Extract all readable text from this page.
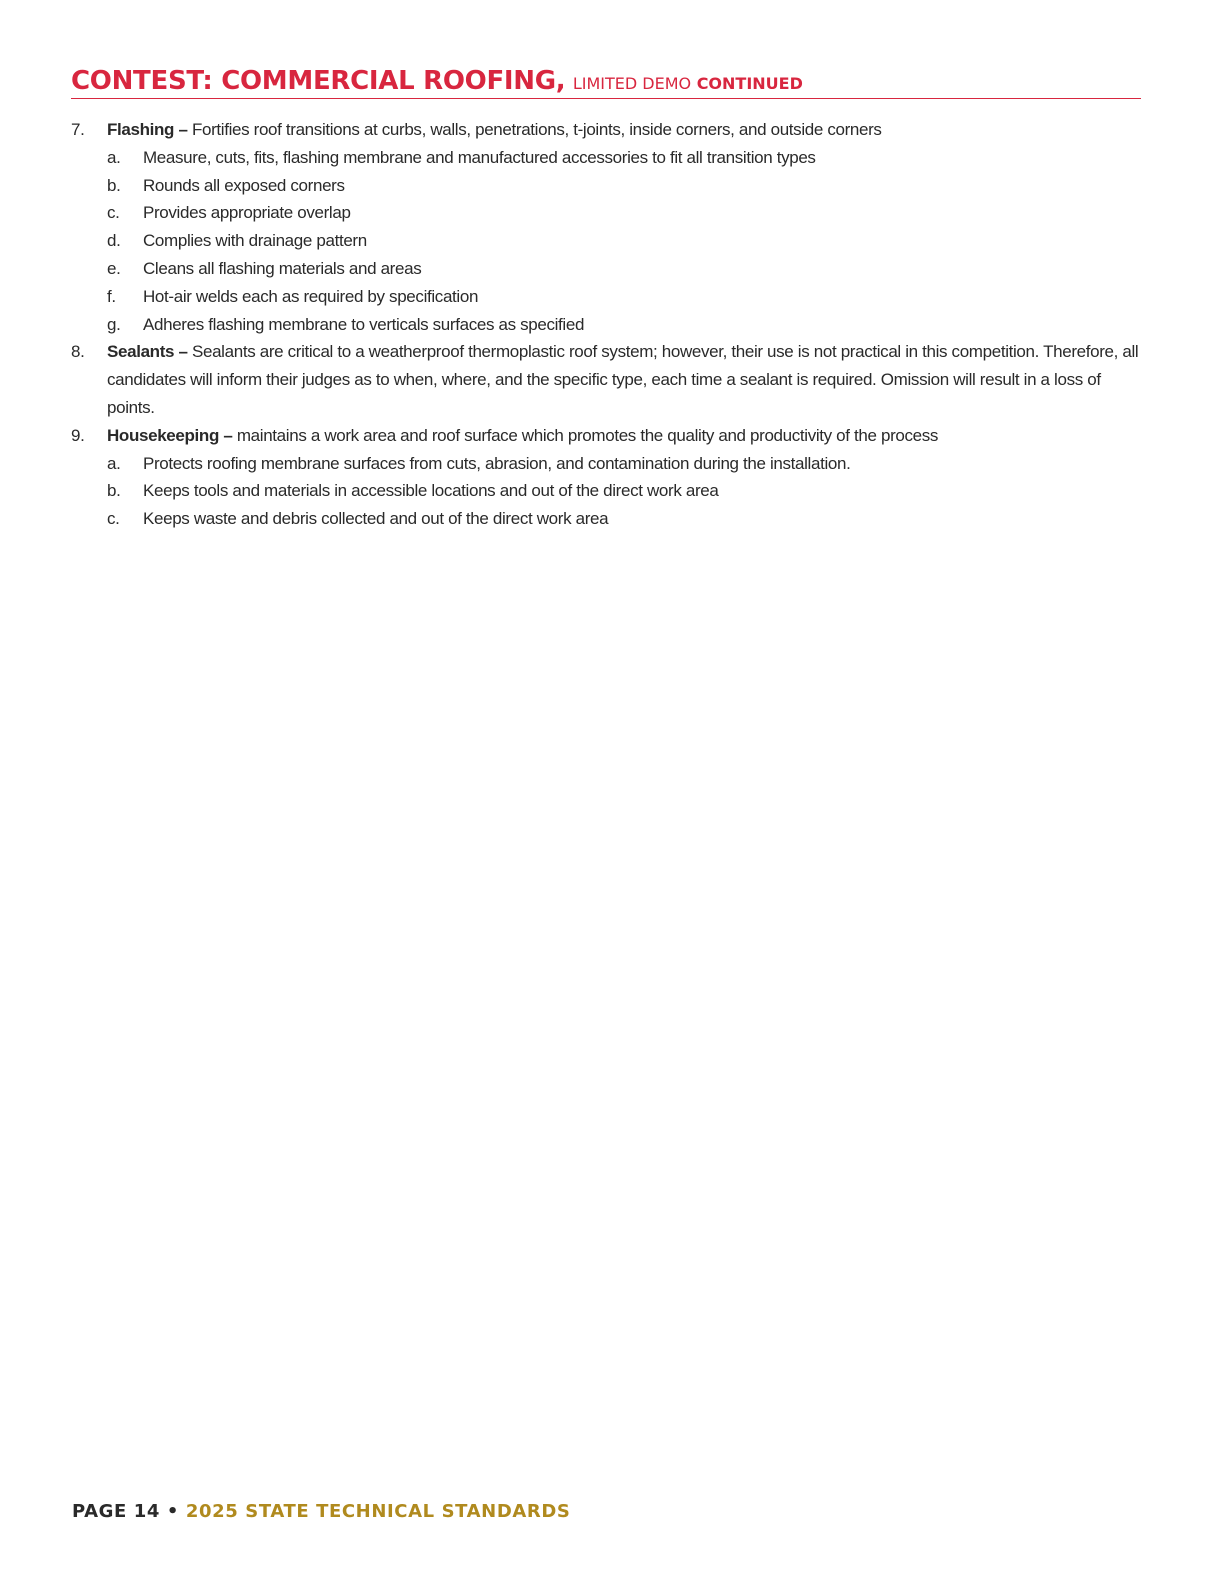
CONTEST: COMMERCIAL ROOFING, LIMITED DEMO CONTINUED
7. Flashing – Fortifies roof transitions at curbs, walls, penetrations, t-joints, inside corners, and outside corners
a. Measure, cuts, fits, flashing membrane and manufactured accessories to fit all transition types
b. Rounds all exposed corners
c. Provides appropriate overlap
d. Complies with drainage pattern
e. Cleans all flashing materials and areas
f. Hot-air welds each as required by specification
g. Adheres flashing membrane to verticals surfaces as specified
8. Sealants – Sealants are critical to a weatherproof thermoplastic roof system; however, their use is not practical in this competition. Therefore, all candidates will inform their judges as to when, where, and the specific type, each time a sealant is required. Omission will result in a loss of points.
9. Housekeeping – maintains a work area and roof surface which promotes the quality and productivity of the process
a. Protects roofing membrane surfaces from cuts, abrasion, and contamination during the installation.
b. Keeps tools and materials in accessible locations and out of the direct work area
c. Keeps waste and debris collected and out of the direct work area
PAGE 14 • 2025 STATE TECHNICAL STANDARDS
